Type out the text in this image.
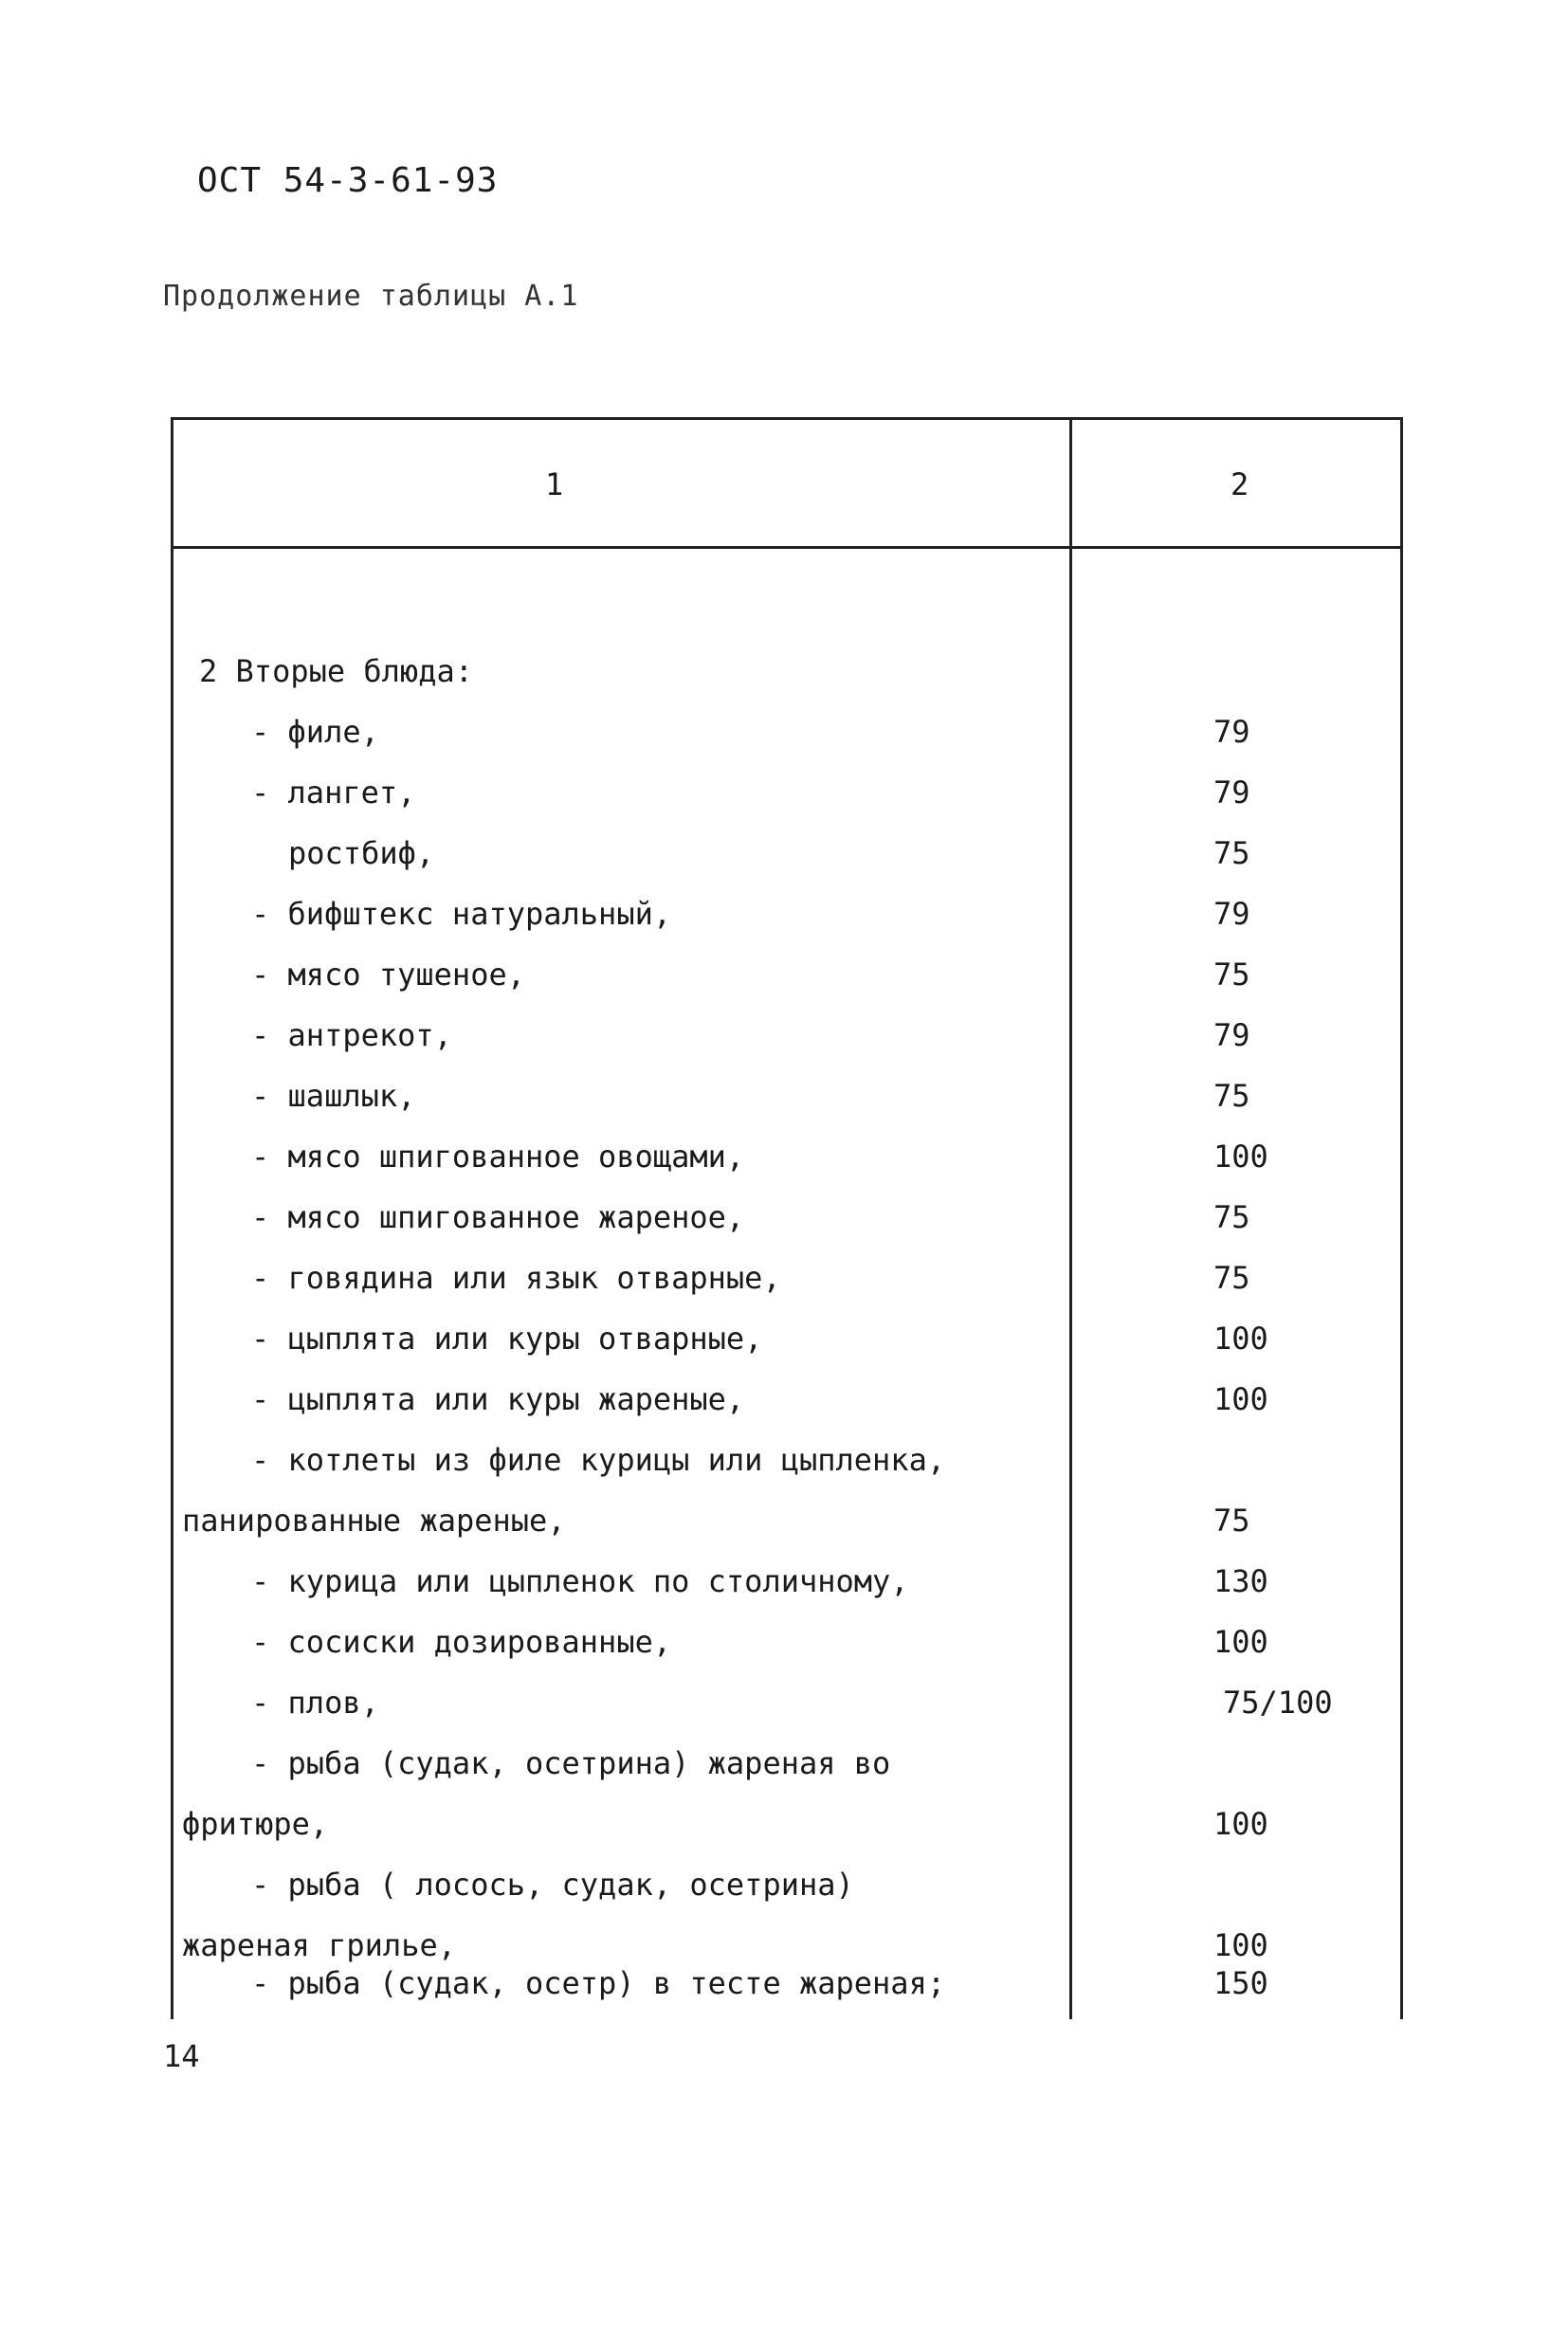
ОСТ 54-3-61-93
Продолжение таблицы А.1
1	2
2 Вторые блюда:
- филе,	79
- лангет,	79
ростбиф,	75
- бифштекс натуральный,	79
- мясо тушеное,	75
- антрекот,	79
- шашлык,	75
- мясо шпигованное овощами,	100
- мясо шпигованное жареное,	75
- говядина или язык отварные,	75
- цыплята или куры отварные,	100
- цыплята или куры жареные,	100
- котлеты из филе курицы или цыпленка,
панированные жареные,	75
- курица или цыпленок по столичному,	130
- сосиски дозированные,	100
- плов,	75/100
- рыба (судак, осетрина) жареная во
фритюре,	100
- рыба ( лосось, судак, осетрина)
жареная грилье,	100
- рыба (судак, осетр) в тесте жареная;	150
14
